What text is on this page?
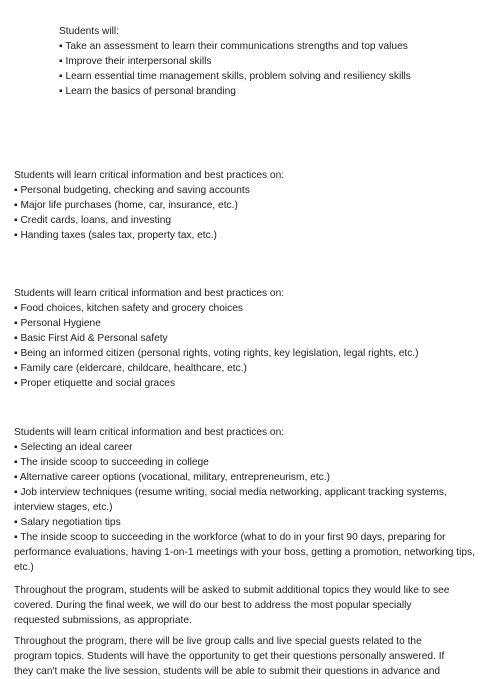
Students will:
▪ Take an assessment to learn their communications strengths and top values
▪ Improve their interpersonal skills
▪ Learn essential time management skills, problem solving and resiliency skills
▪ Learn the basics of personal branding
Students will learn critical information and best practices on:
▪ Personal budgeting, checking and saving accounts
▪ Major life purchases (home, car, insurance, etc.)
▪ Credit cards, loans, and investing
▪ Handing taxes (sales tax, property tax, etc.)
Students will learn critical information and best practices on:
▪ Food choices, kitchen safety and grocery choices
▪ Personal Hygiene
▪ Basic First Aid & Personal safety
▪ Being an informed citizen (personal rights, voting rights, key legislation, legal rights, etc.)
▪ Family care (eldercare, childcare, healthcare, etc.)
▪ Proper etiquette and social graces
Students will learn critical information and best practices on:
▪ Selecting an ideal career
▪ The inside scoop to succeeding in college
▪ Alternative career options (vocational, military, entrepreneurism, etc.)
▪ Job interview techniques (resume writing, social media networking, applicant tracking systems, interview stages, etc.)
▪ Salary negotiation tips
▪ The inside scoop to succeeding in the workforce (what to do in your first 90 days, preparing for performance evaluations, having 1-on-1 meetings with your boss, getting a promotion, networking tips, etc.)
Throughout the program, students will be asked to submit additional topics they would like to see
covered. During the final week, we will do our best to address the most popular specially
requested submissions, as appropriate.
Throughout the program, there will be live group calls and live special guests related to the
program topics. Students will have the opportunity to get their questions personally answered. If
they can't make the live session, students will be able to submit their questions in advance and
